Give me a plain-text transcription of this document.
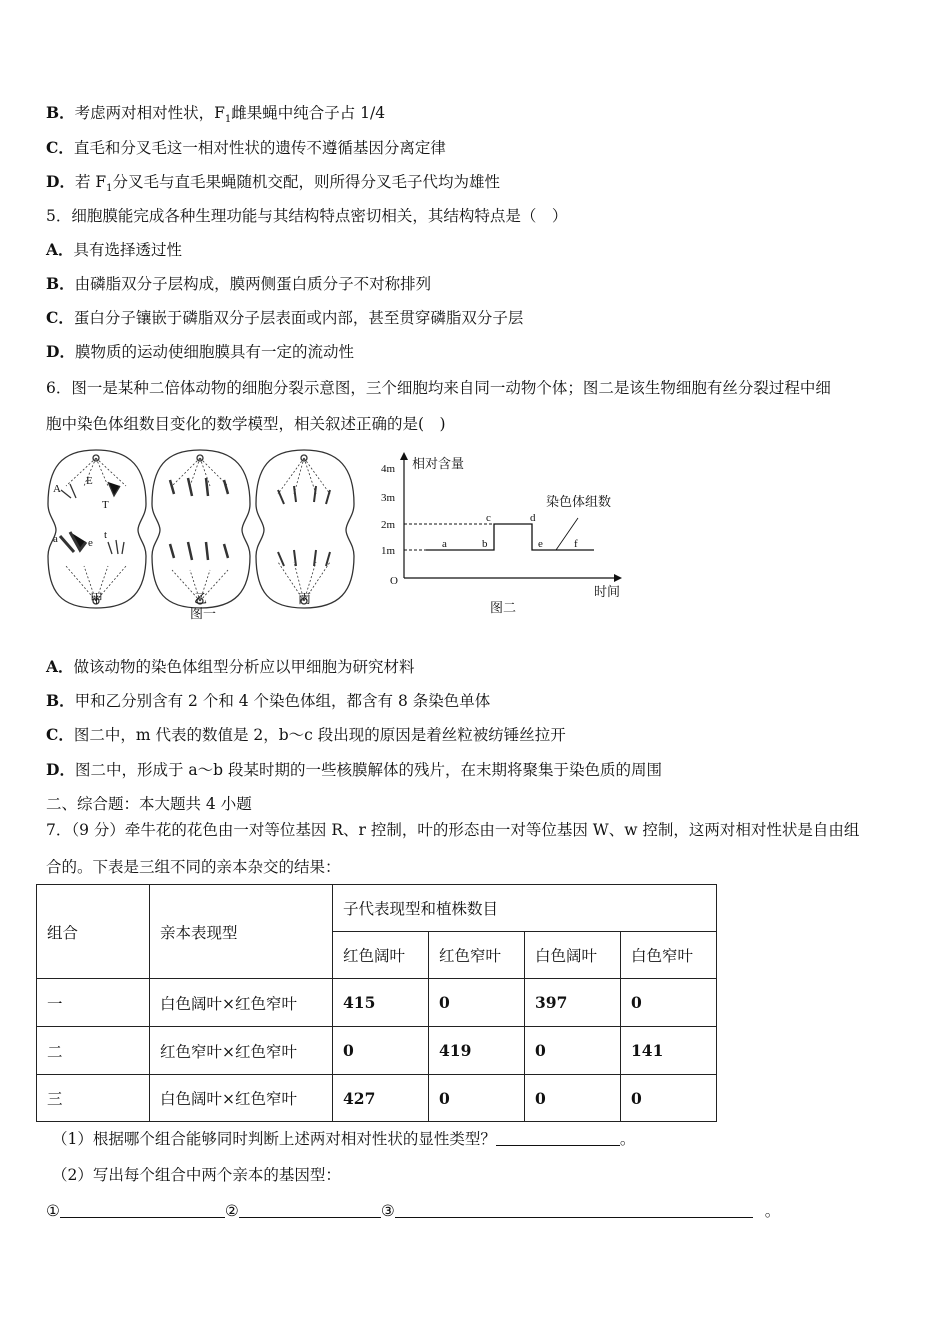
B．考虑两对相对性状，$F_1$雌果蝇中纯合子占 1/4
C．直毛和分叉毛这一相对性状的遗传不遵循基因分离定律
D．若 $F_1$分叉毛与直毛果蝇随机交配，则所得分叉毛子代均为雄性
5．细胞膜能完成各种生理功能与其结构特点密切相关，其结构特点是（　）
A．具有选择透过性
B．由磷脂双分子层构成，膜两侧蛋白质分子不对称排列
C．蛋白分子镶嵌于磷脂双分子层表面或内部，甚至贯穿磷脂双分子层
D．膜物质的运动使细胞膜具有一定的流动性
6．图一是某种二倍体动物的细胞分裂示意图，三个细胞均来自同一动物个体；图二是该生物细胞有丝分裂过程中细
胞中染色体组数目变化的数学模型，相关叙述正确的是(　)
A
E
T
a	e
t
甲	乙	丙
图一
4m
3m
2m
1m
O
相对含量
时间
a	b
c	d
e	f
染色体组数
图二
A．做该动物的染色体组型分析应以甲细胞为研究材料
B．甲和乙分别含有 2 个和 4 个染色体组，都含有 8 条染色单体
C．图二中，m 代表的数值是 2，b～c 段出现的原因是着丝粒被纺锤丝拉开
D．图二中，形成于 a～b 段某时期的一些核膜解体的残片，在末期将聚集于染色质的周围
二、综合题：本大题共 4 小题
7．（9 分）牵牛花的花色由一对等位基因 R、r 控制，叶的形态由一对等位基因 W、w 控制，这两对相对性状是自由组
合的。下表是三组不同的亲本杂交的结果：
组合	亲本表现型	子代表现型和植株数目			
		红色阔叶	红色窄叶	白色阔叶	白色窄叶
一	白色阔叶×红色窄叶	415	0	397	0
二	红色窄叶×红色窄叶	0	419	0	141
三	白色阔叶×红色窄叶	427	0	0	0
（1）根据哪个组合能够同时判断上述两对相对性状的显性类型？	。
（2）写出每个组合中两个亲本的基因型：
①	②	③	。
